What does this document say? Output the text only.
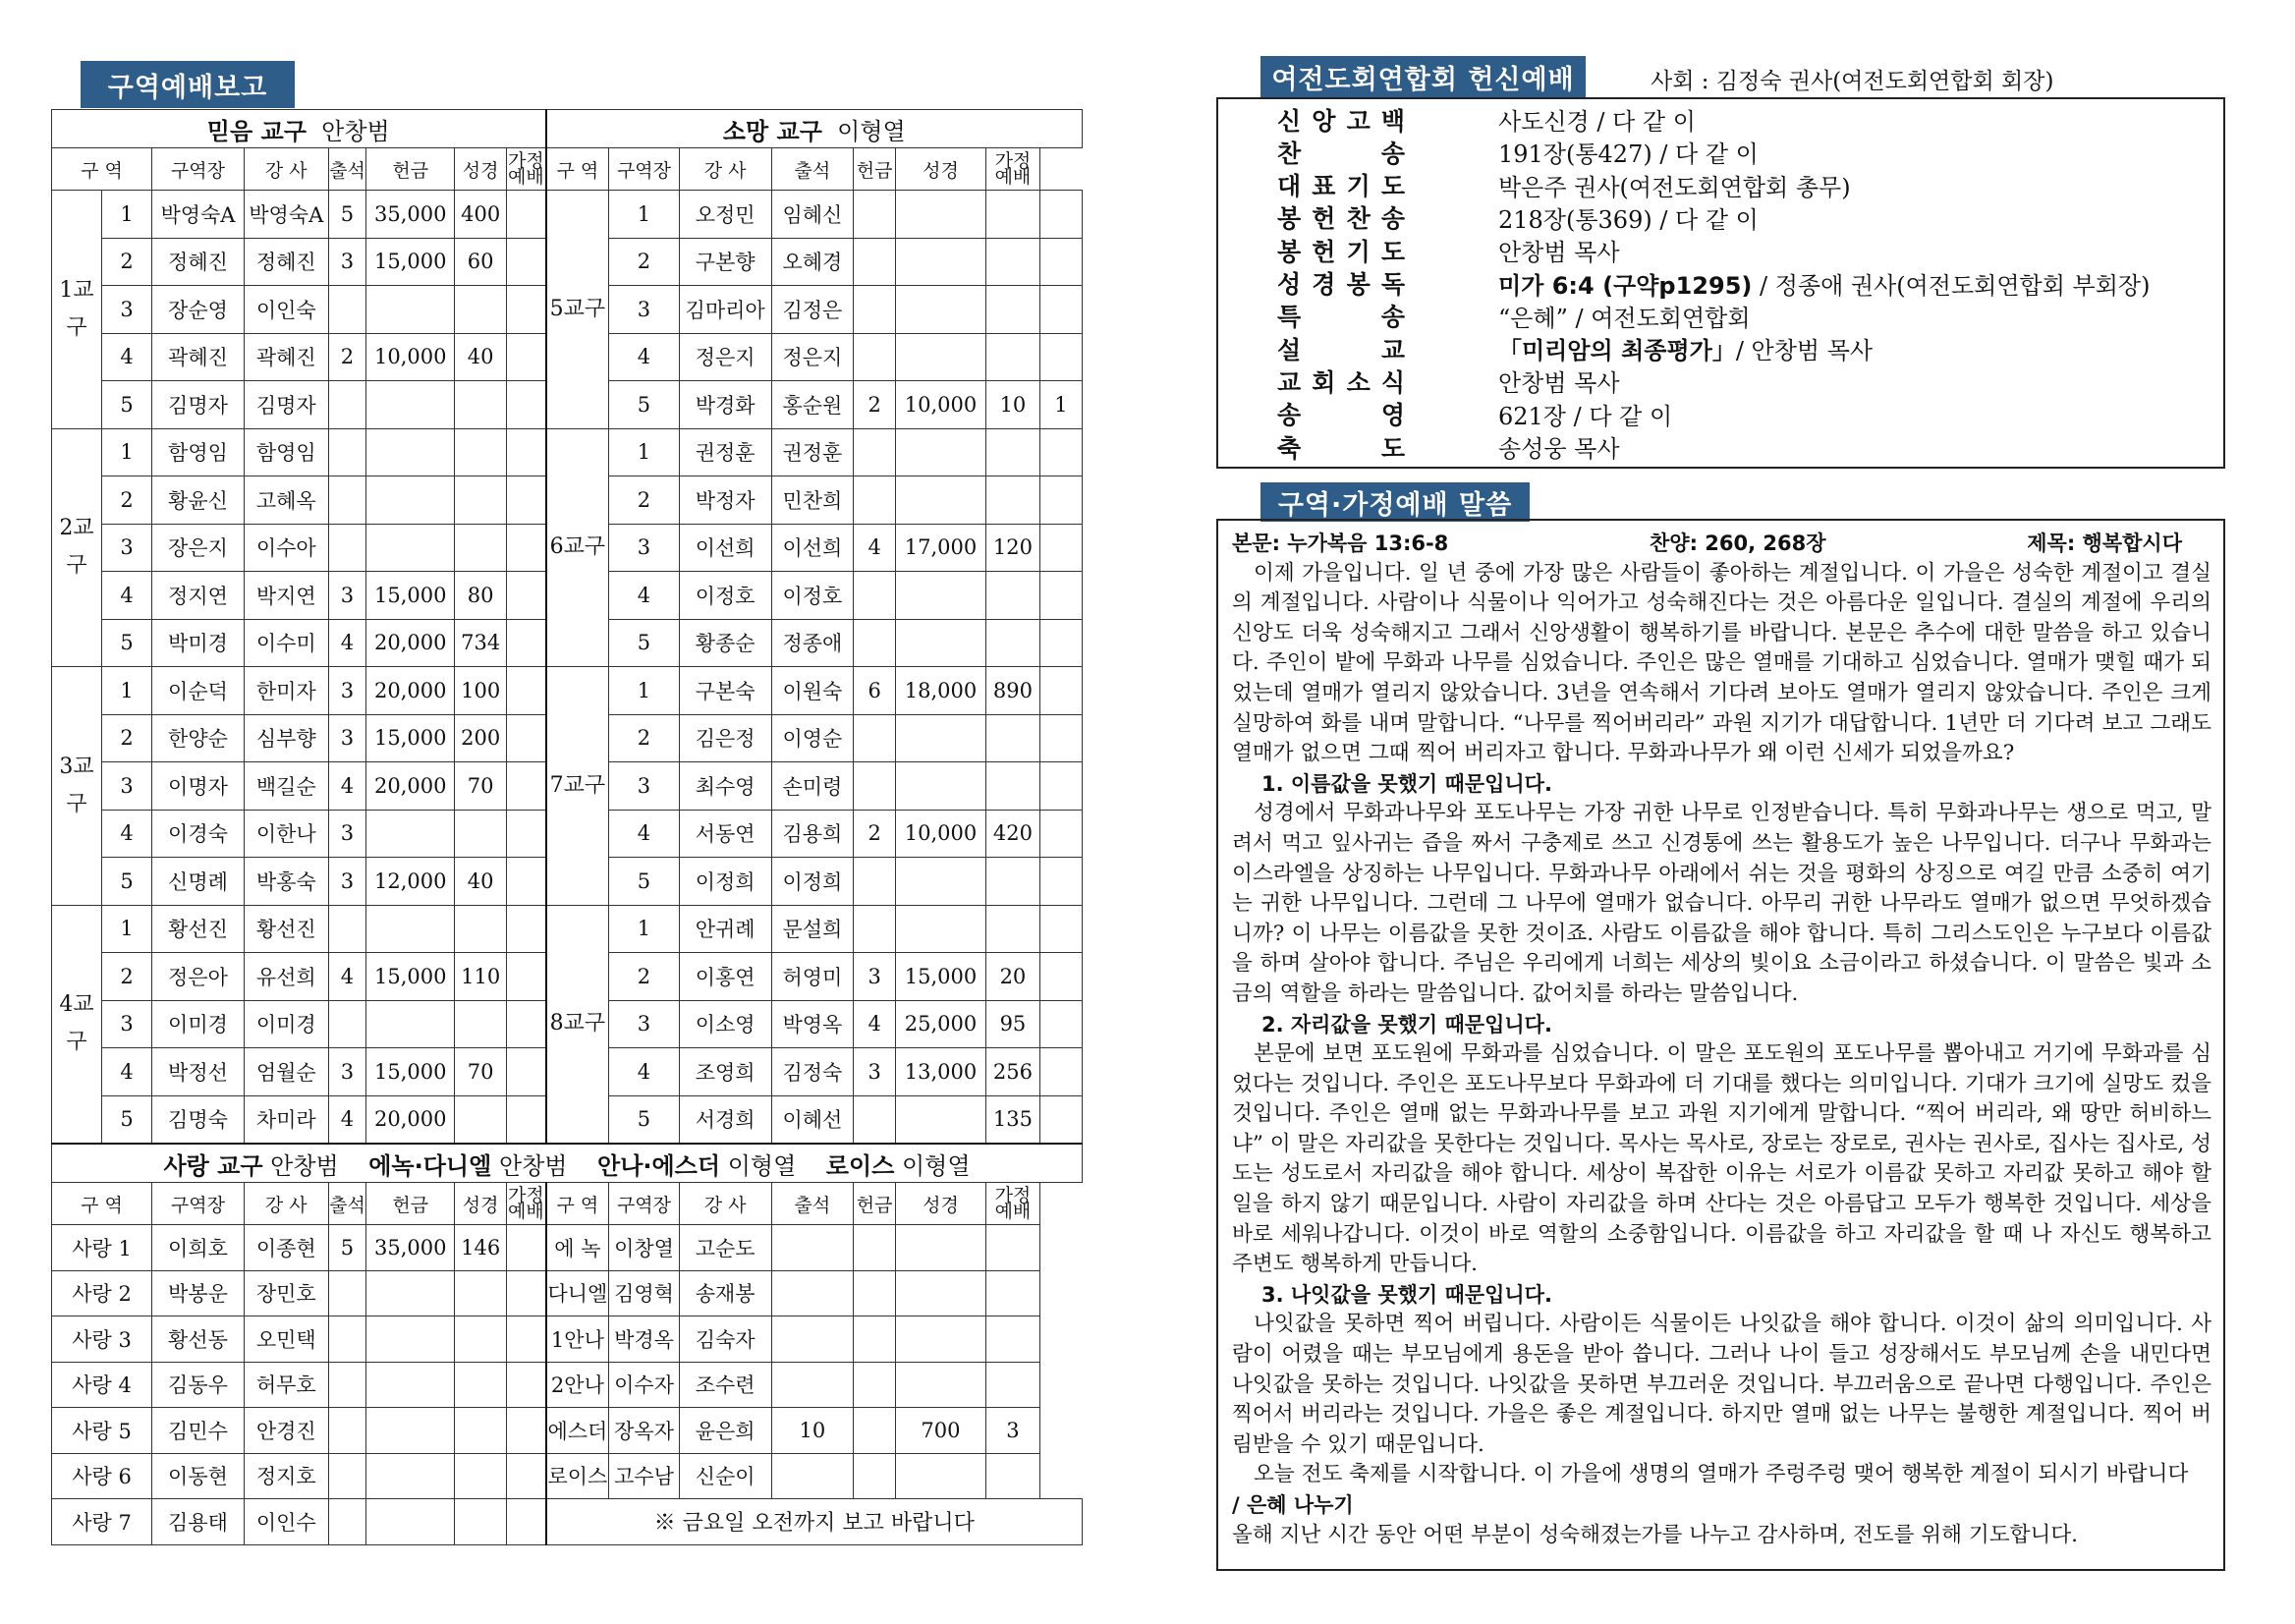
구역예배보고
믿음 교구 안창범								소망 교구 이형열							
구 역		구역장	강 사	출석	헌금	성경	가정예배	구 역	구역장	강 사	출석	헌금	성경	가정예배	
1교구	1	박영숙A	박영숙A	5	35,000	400		5교구	1	오정민	임혜신				
	2	정혜진	정혜진	3	15,000	60			2	구본향	오혜경				
	3	장순영	이인숙						3	김마리아	김정은				
	4	곽혜진	곽혜진	2	10,000	40			4	정은지	정은지				
	5	김명자	김명자						5	박경화	홍순원	2	10,000	10	1
2교구	1	함영임	함영임					6교구	1	권정훈	권정훈				
	2	황윤신	고혜옥						2	박정자	민찬희				
	3	장은지	이수아						3	이선희	이선희	4	17,000	120	
	4	정지연	박지연	3	15,000	80			4	이정호	이정호				
	5	박미경	이수미	4	20,000	734			5	황종순	정종애				
3교구	1	이순덕	한미자	3	20,000	100		7교구	1	구본숙	이원숙	6	18,000	890	
	2	한양순	심부향	3	15,000	200			2	김은정	이영순				
	3	이명자	백길순	4	20,000	70			3	최수영	손미령				
	4	이경숙	이한나	3					4	서동연	김용희	2	10,000	420	
	5	신명례	박홍숙	3	12,000	40			5	이정희	이정희				
4교구	1	황선진	황선진					8교구	1	안귀례	문설희				
	2	정은아	유선희	4	15,000	110			2	이홍연	허영미	3	15,000	20	
	3	이미경	이미경						3	이소영	박영옥	4	25,000	95	
	4	박정선	엄월순	3	15,000	70			4	조영희	김정숙	3	13,000	256	
	5	김명숙	차미라	4	20,000				5	서경희	이혜선			135	
사랑 교구 안창범 에녹·다니엘 안창범 안나·에스더 이형열 로이스 이형열															
구 역		구역장	강 사	출석	헌금	성경	가정예배	구 역	구역장	강 사	출석	헌금	성경	가정예배	
사랑 1		이희호	이종현	5	35,000	146		에 녹	이창열	고순도					
사랑 2		박봉운	장민호					다니엘	김영혁	송재봉					
사랑 3		황선동	오민택					1안나	박경옥	김숙자					
사랑 4		김동우	허무호					2안나	이수자	조수련					
사랑 5		김민수	안경진					에스더	장옥자	윤은희	10		700	3	
사랑 6		이동현	정지호					로이스	고수남	신순이					
사랑 7		김용태	이인수					※ 금요일 오전까지 보고 바랍니다							
여전도회연합회 헌신예배	사회 : 김정숙 권사(여전도회연합회 회장)
신 앙 고 백	사도신경 / 다 같 이
찬	송	191장(통427) / 다 같 이
대 표 기 도	박은주 권사(여전도회연합회 총무)
봉 헌 찬 송	218장(통369) / 다 같 이
봉 헌 기 도	안창범 목사
성 경 봉 독	미가 6:4 (구약p1295) / 정종애 권사(여전도회연합회 부회장)
특	송	“은혜” / 여전도회연합회
설	교	「미리암의 최종평가」/ 안창범 목사
교 회 소 식	안창범 목사
송	영	621장 / 다 같 이
축	도	송성웅 목사
구역·가정예배 말씀
본문: 누가복음 13:6-8	찬양: 260, 268장	제목: 행복합시다

이제 가을입니다. 일 년 중에 가장 많은 사람들이 좋아하는 계절입니다. 이 가을은 성숙한 계절이고 결실의 계절입니다. 사람이나 식물이나 익어가고 성숙해진다는 것은 아름다운 일입니다. 결실의 계절에 우리의 신앙도 더욱 성숙해지고 그래서 신앙생활이 행복하기를 바랍니다. 본문은 추수에 대한 말씀을 하고 있습니다. 주인이 밭에 무화과 나무를 심었습니다. 주인은 많은 열매를 기대하고 심었습니다. 열매가 맺힐 때가 되었는데 열매가 열리지 않았습니다. 3년을 연속해서 기다려 보아도 열매가 열리지 않았습니다. 주인은 크게 실망하여 화를 내며 말합니다. “나무를 찍어버리라” 과원 지기가 대답합니다. 1년만 더 기다려 보고 그래도 열매가 없으면 그때 찍어 버리자고 합니다. 무화과나무가 왜 이런 신세가 되었을까요?

1. 이름값을 못했기 때문입니다.

성경에서 무화과나무와 포도나무는 가장 귀한 나무로 인정받습니다. 특히 무화과나무는 생으로 먹고, 말려서 먹고 잎사귀는 즙을 짜서 구충제로 쓰고 신경통에 쓰는 활용도가 높은 나무입니다. 더구나 무화과는 이스라엘을 상징하는 나무입니다. 무화과나무 아래에서 쉬는 것을 평화의 상징으로 여길 만큼 소중히 여기는 귀한 나무입니다. 그런데 그 나무에 열매가 없습니다. 아무리 귀한 나무라도 열매가 없으면 무엇하겠습니까? 이 나무는 이름값을 못한 것이죠. 사람도 이름값을 해야 합니다. 특히 그리스도인은 누구보다 이름값을 하며 살아야 합니다. 주님은 우리에게 너희는 세상의 빛이요 소금이라고 하셨습니다. 이 말씀은 빛과 소금의 역할을 하라는 말씀입니다. 값어치를 하라는 말씀입니다.

2. 자리값을 못했기 때문입니다.

본문에 보면 포도원에 무화과를 심었습니다. 이 말은 포도원의 포도나무를 뽑아내고 거기에 무화과를 심었다는 것입니다. 주인은 포도나무보다 무화과에 더 기대를 했다는 의미입니다. 기대가 크기에 실망도 컸을 것입니다. 주인은 열매 없는 무화과나무를 보고 과원 지기에게 말합니다. “찍어 버리라, 왜 땅만 허비하느냐” 이 말은 자리값을 못한다는 것입니다. 목사는 목사로, 장로는 장로로, 권사는 권사로, 집사는 집사로, 성도는 성도로서 자리값을 해야 합니다. 세상이 복잡한 이유는 서로가 이름값 못하고 자리값 못하고 해야 할 일을 하지 않기 때문입니다. 사람이 자리값을 하며 산다는 것은 아름답고 모두가 행복한 것입니다. 세상을 바로 세워나갑니다. 이것이 바로 역할의 소중함입니다. 이름값을 하고 자리값을 할 때 나 자신도 행복하고 주변도 행복하게 만듭니다.

3. 나잇값을 못했기 때문입니다.

나잇값을 못하면 찍어 버립니다. 사람이든 식물이든 나잇값을 해야 합니다. 이것이 삶의 의미입니다. 사람이 어렸을 때는 부모님에게 용돈을 받아 씁니다. 그러나 나이 들고 성장해서도 부모님께 손을 내민다면 나잇값을 못하는 것입니다. 나잇값을 못하면 부끄러운 것입니다. 부끄러움으로 끝나면 다행입니다. 주인은 찍어서 버리라는 것입니다. 가을은 좋은 계절입니다. 하지만 열매 없는 나무는 불행한 계절입니다. 찍어 버림받을 수 있기 때문입니다.

오늘 전도 축제를 시작합니다. 이 가을에 생명의 열매가 주렁주렁 맺어 행복한 계절이 되시기 바랍니다

/ 은혜 나누기

올해 지난 시간 동안 어떤 부분이 성숙해졌는가를 나누고 감사하며, 전도를 위해 기도합니다.
